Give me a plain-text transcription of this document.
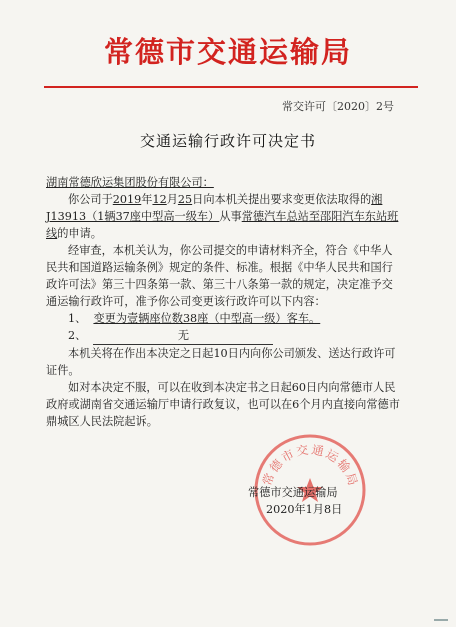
常德市交通运输局
常交许可〔2020〕2号
交通运输行政许可决定书

湖南常德欣运集团股份有限公司：

你公司于2019年12月25日向本机关提出要求变更依法取得的湘J13913（1辆37座中型高一级车）从事常德汽车总站至邵阳汽车东站班线的申请。

经审查，本机关认为，你公司提交的申请材料齐全，符合《中华人民共和国道路运输条例》规定的条件、标准。根据《中华人民共和国行政许可法》第三十四条第一款、第三十八条第一款的规定，决定准予交通运输行政许可，准予你公司变更该行政许可以下内容：

1、 变更为壹辆座位数38座（中型高一级）客车。

2、	无

本机关将在作出本决定之日起10日内向你公司颁发、送达行政许可证件。

如对本决定不服，可以在收到本决定书之日起60日内向常德市人民政府或湖南省交通运输厅申请行政复议，也可以在6个月内直接向常德市鼎城区人民法院起诉。

常德市交通运输局
常德市交通运输局
2020年1月8日
